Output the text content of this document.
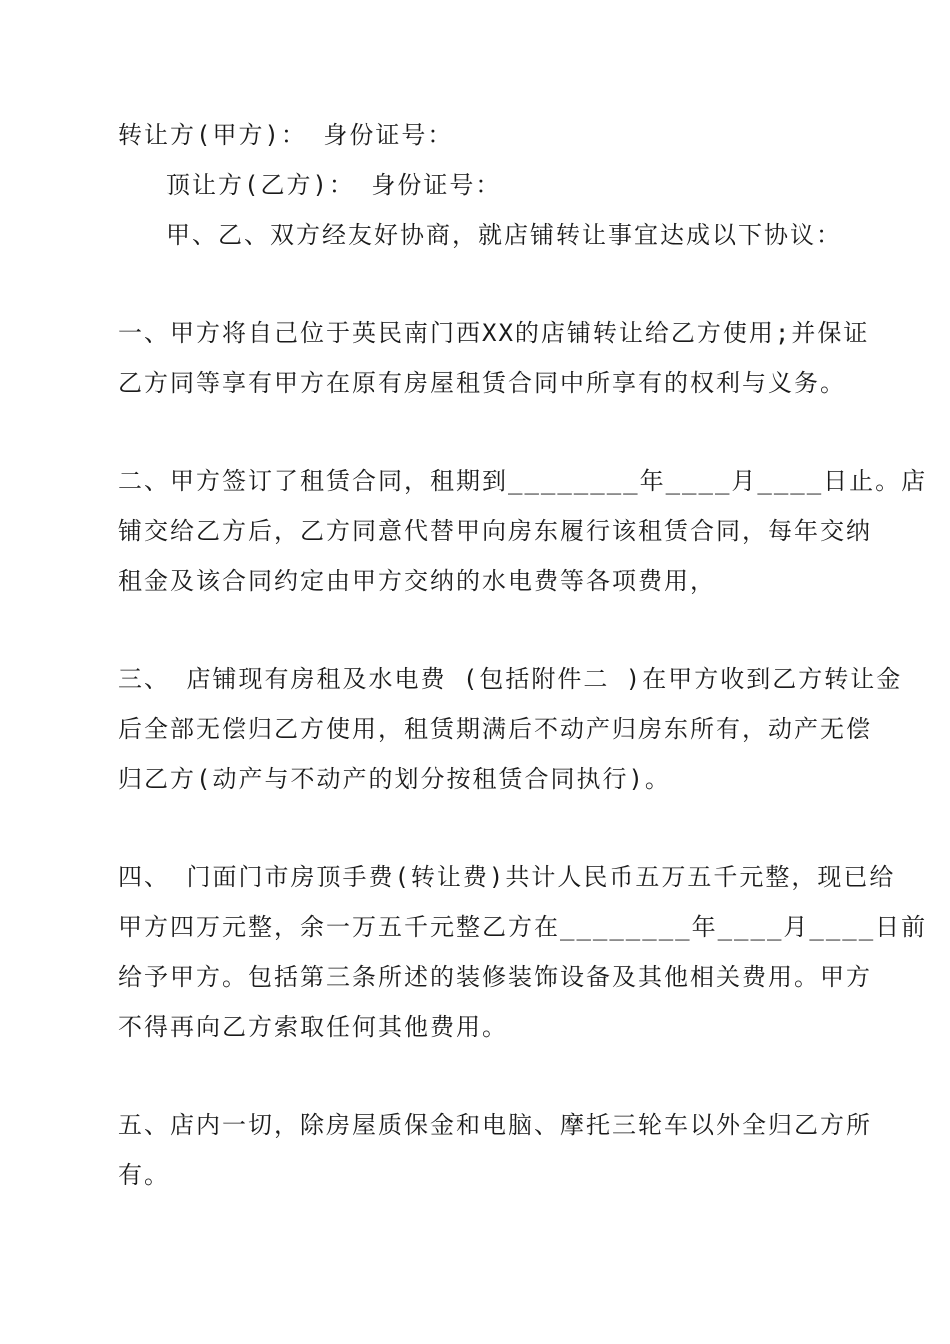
转让方(甲方)： 身份证号：
顶让方(乙方)： 身份证号：
甲、乙、双方经友好协商，就店铺转让事宜达成以下协议：
一、甲方将自己位于英民南门西XX的店铺转让给乙方使用;并保证
乙方同等享有甲方在原有房屋租赁合同中所享有的权利与义务。
二、甲方签订了租赁合同，租期到________年____月____日止。店
铺交给乙方后，乙方同意代替甲向房东履行该租赁合同，每年交纳
租金及该合同约定由甲方交纳的水电费等各项费用，
三、 店铺现有房租及水电费 (包括附件二 )在甲方收到乙方转让金
后全部无偿归乙方使用，租赁期满后不动产归房东所有，动产无偿
归乙方(动产与不动产的划分按租赁合同执行)。
四、 门面门市房顶手费(转让费)共计人民币五万五千元整，现已给
甲方四万元整，余一万五千元整乙方在________年____月____日前
给予甲方。包括第三条所述的装修装饰设备及其他相关费用。甲方
不得再向乙方索取任何其他费用。
五、店内一切，除房屋质保金和电脑、摩托三轮车以外全归乙方所
有。
